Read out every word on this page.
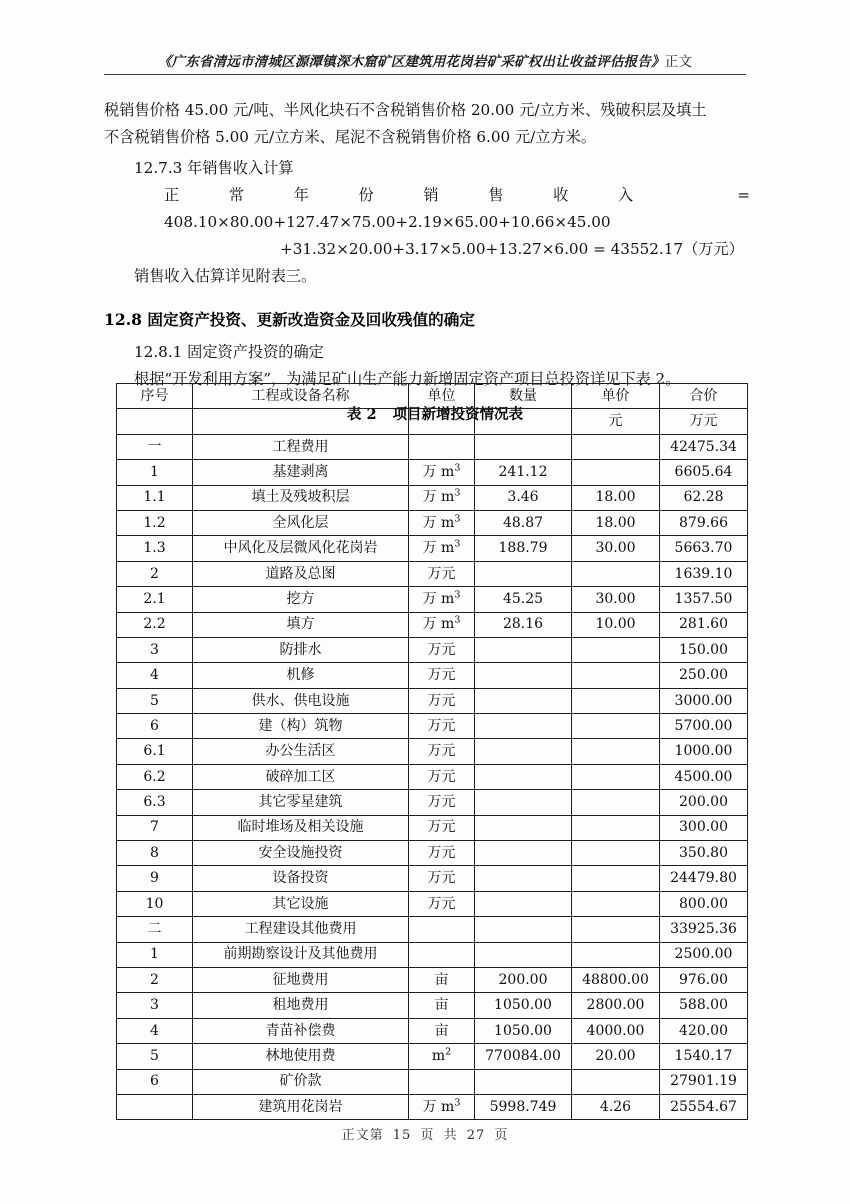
《广东省清远市清城区源潭镇深木窟矿区建筑用花岗岩矿采矿权出让收益评估报告》正文

税销售价格 45.00 元/吨、半风化块石不含税销售价格 20.00 元/立方米、残破积层及填土

不含税销售价格 5.00 元/立方米、尾泥不含税销售价格 6.00 元/立方米。

12.7.3 年销售收入计算

正常年份销售收入 = 408.10×80.00+127.47×75.00+2.19×65.00+10.66×45.00

+31.32×20.00+3.17×5.00+13.27×6.00 = 43552.17（万元）

销售收入估算详见附表三。

12.8 固定资产投资、更新改造资金及回收残值的确定

12.8.1 固定资产投资的确定

根据“开发利用方案”，为满足矿山生产能力新增固定资产项目总投资详见下表 2。

表 2 项目新增投资情况表
序号	工程或设备名称	单位	数量	单价	合价
				元	万元
一	工程费用				42475.34
1	基建剥离	万 $m^3$	241.12		6605.64
1.1	填土及残坡积层	万 $m^3$	3.46	18.00	62.28
1.2	全风化层	万 $m^3$	48.87	18.00	879.66
1.3	中风化及层微风化花岗岩	万 $m^3$	188.79	30.00	5663.70
2	道路及总图	万元			1639.10
2.1	挖方	万 $m^3$	45.25	30.00	1357.50
2.2	填方	万 $m^3$	28.16	10.00	281.60
3	防排水	万元			150.00
4	机修	万元			250.00
5	供水、供电设施	万元			3000.00
6	建（构）筑物	万元			5700.00
6.1	办公生活区	万元			1000.00
6.2	破碎加工区	万元			4500.00
6.3	其它零星建筑	万元			200.00
7	临时堆场及相关设施	万元			300.00
8	安全设施投资	万元			350.80
9	设备投资	万元			24479.80
10	其它设施	万元			800.00
二	工程建设其他费用				33925.36
1	前期勘察设计及其他费用				2500.00
2	征地费用	亩	200.00	48800.00	976.00
3	租地费用	亩	1050.00	2800.00	588.00
4	青苗补偿费	亩	1050.00	4000.00	420.00
5	林地使用费	$m^2$	770084.00	20.00	1540.17
6	矿价款				27901.19
	建筑用花岗岩	万 $m^3$	5998.749	4.26	25554.67
正文第 15 页 共 27 页
